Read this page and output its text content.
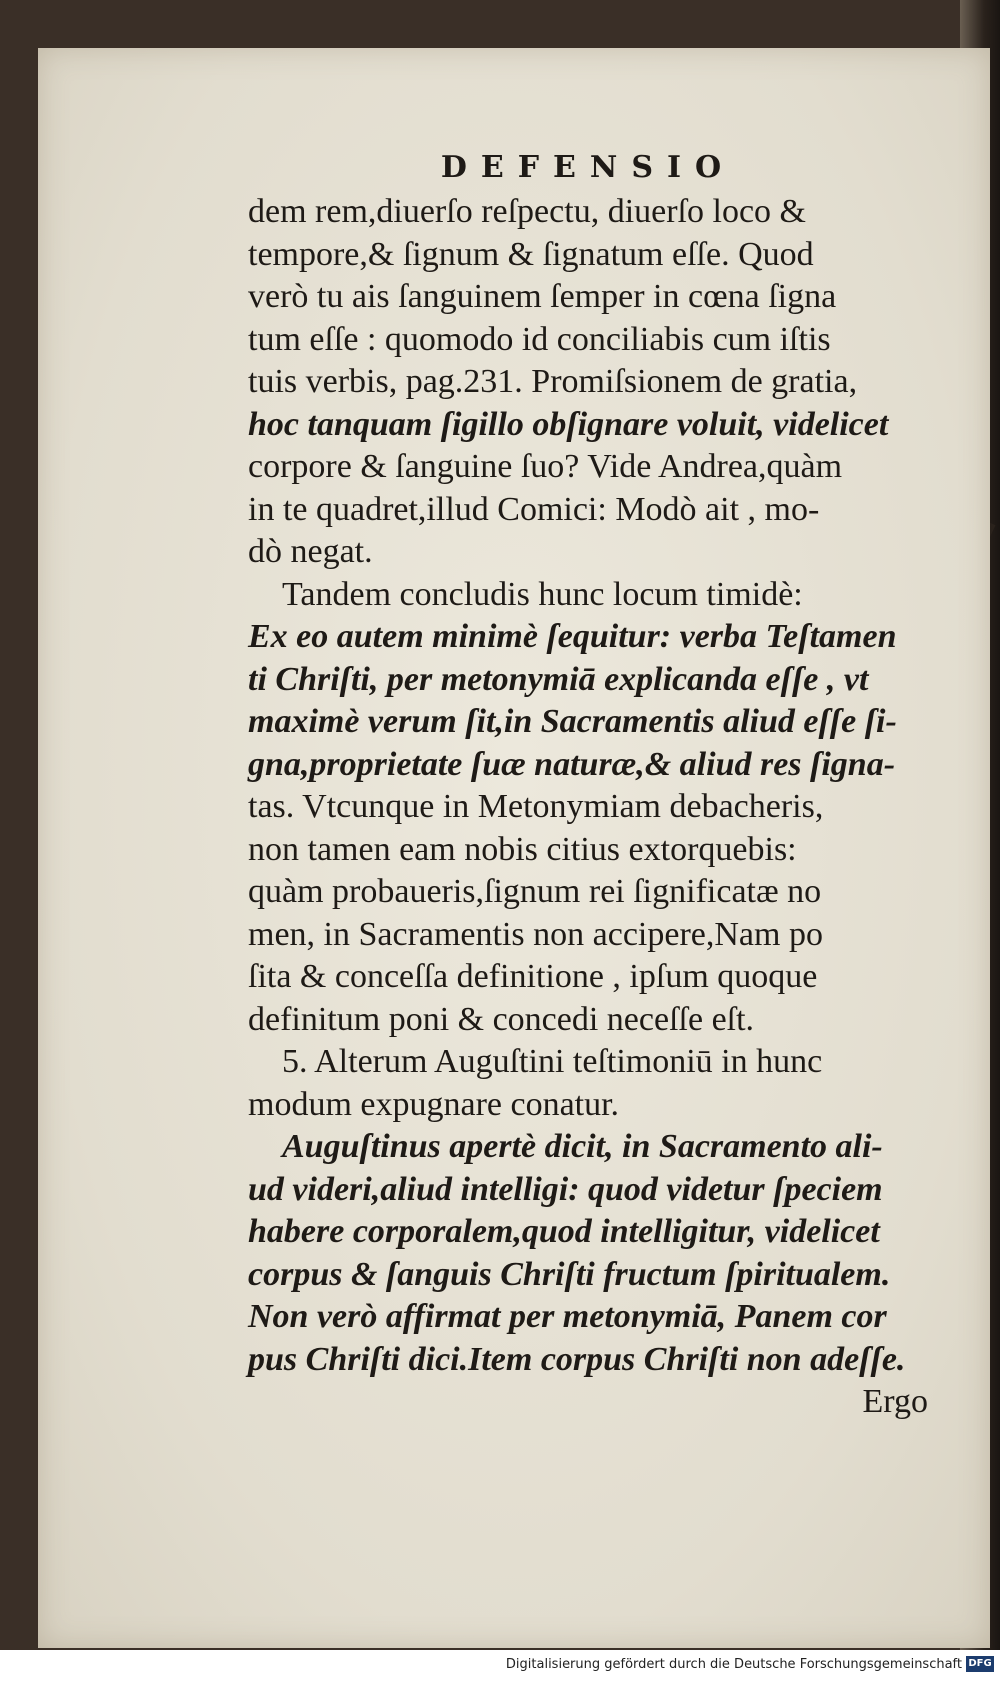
DEFENSIO
dem rem,diuerſo reſpectu, diuerſo loco &
tempore,& ſignum & ſignatum eſſe. Quod
verò tu ais ſanguinem ſemper in cœna ſigna
tum eſſe : quomodo id conciliabis cum iſtis
tuis verbis, pag.231. Promiſsionem de gratia,
hoc tanquam ſigillo obſignare voluit, videlicet
corpore & ſanguine ſuo? Vide Andrea,quàm
in te quadret,illud Comici: Modò ait , mo-
dò negat.
Tandem concludis hunc locum timidè:
Ex eo autem minimè ſequitur: verba Teſtamen
ti Chriſti, per metonymiā explicanda eſſe , vt
maximè verum ſit,in Sacramentis aliud eſſe ſi-
gna,proprietate ſuæ naturæ,& aliud res ſigna-
tas. Vtcunque in Metonymiam debacheris,
non tamen eam nobis citius extorquebis:
quàm probaueris,ſignum rei ſignificatæ no
men, in Sacramentis non accipere,Nam po
ſita & conceſſa definitione , ipſum quoque
definitum poni & concedi neceſſe eſt.
5. Alterum Auguſtini teſtimoniū in hunc
modum expugnare conatur.
Auguſtinus apertè dicit, in Sacramento ali-
ud videri,aliud intelligi: quod videtur ſpeciem
habere corporalem,quod intelligitur, videlicet
corpus & ſanguis Chriſti fructum ſpiritualem.
Non verò affirmat per metonymiā, Panem cor
pus Chriſti dici.Item corpus Chriſti non adeſſe.
Ergo
Digitalisierung gefördert durch die Deutsche Forschungsgemeinschaft DFG
